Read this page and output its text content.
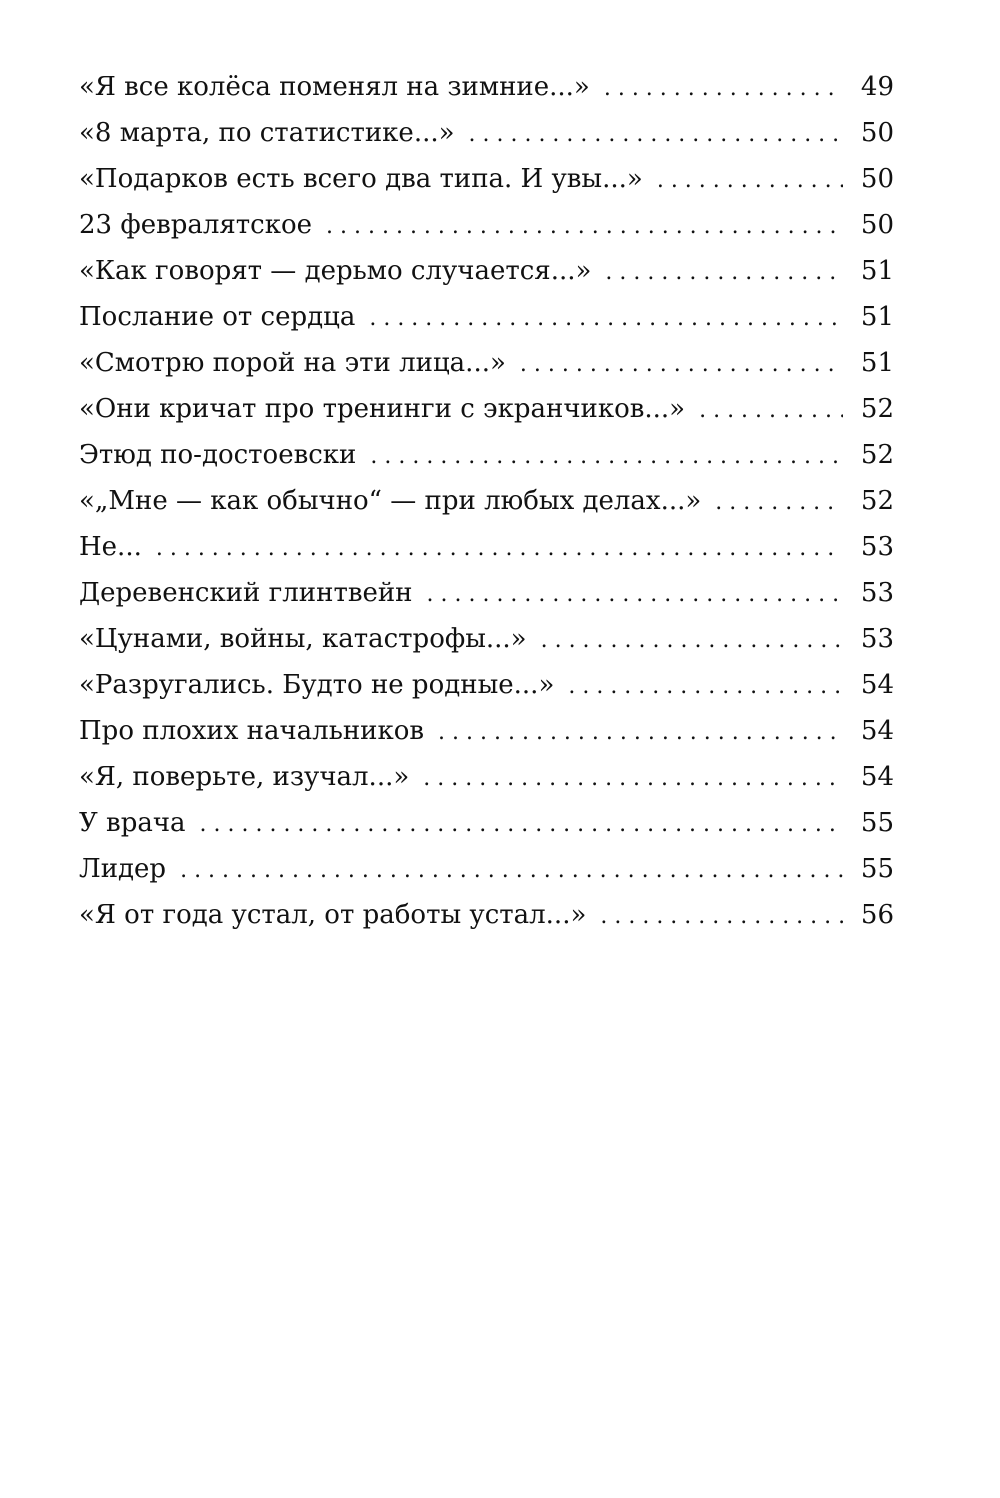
«Я все колёса поменял на зимние...» . . .	49
«8 марта, по статистике...» . . .	50
«Подарков есть всего два типа. И увы...» . . .	50
23 февралятское . . .	50
«Как говорят — дерьмо случается...» . . .	51
Послание от сердца . . .	51
«Смотрю порой на эти лица...» . . .	51
«Они кричат про тренинги с экранчиков...» . . .	52
Этюд по-достоевски . . .	52
«„Мне — как обычно“ — при любых делах...» . . .	52
Не... . . .	53
Деревенский глинтвейн . . .	53
«Цунами, войны, катастрофы...» . . .	53
«Разругались. Будто не родные...» . . .	54
Про плохих начальников . . .	54
«Я, поверьте, изучал...» . . .	54
У врача . . .	55
Лидер . . .	55
«Я от года устал, от работы устал...» . . .	56
